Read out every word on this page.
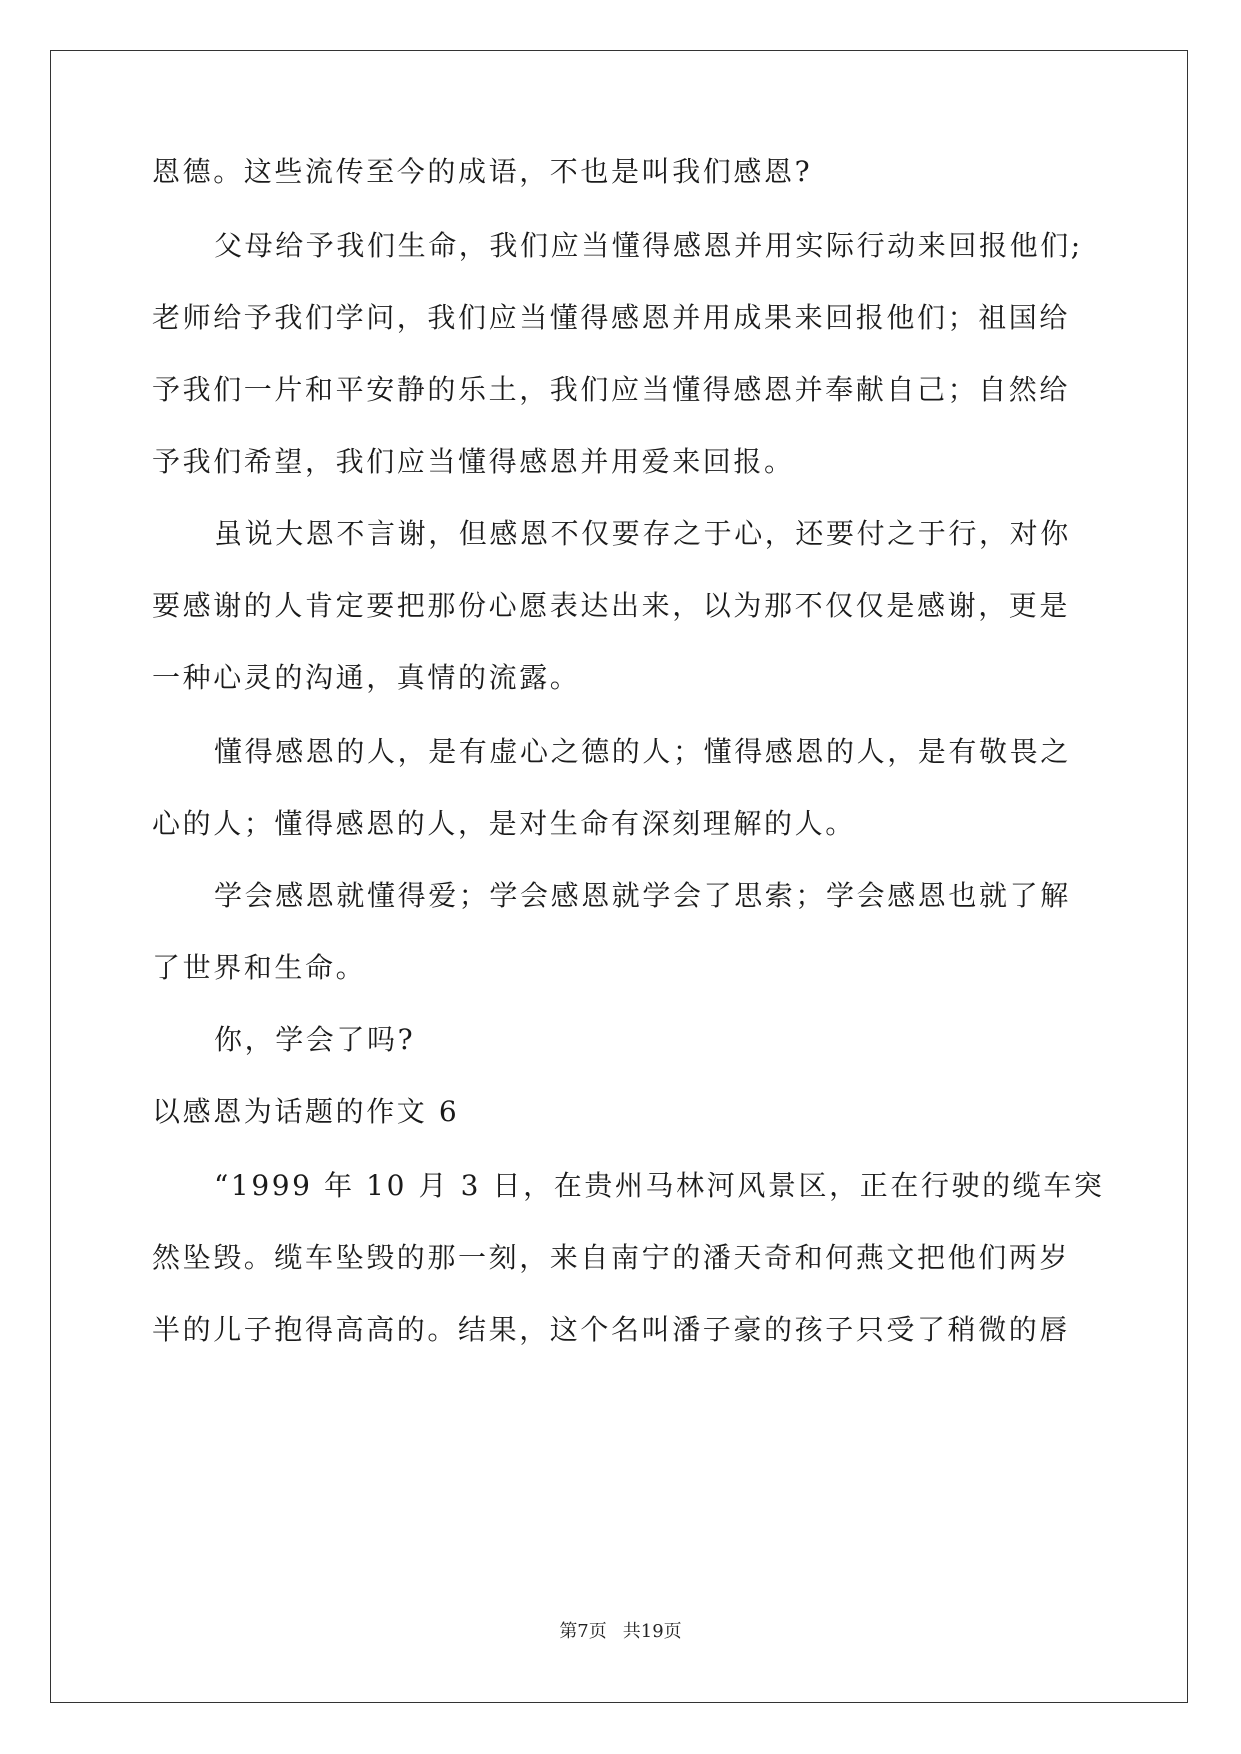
恩德。这些流传至今的成语，不也是叫我们感恩?
父母给予我们生命，我们应当懂得感恩并用实际行动来回报他们;
老师给予我们学问，我们应当懂得感恩并用成果来回报他们；祖国给
予我们一片和平安静的乐土，我们应当懂得感恩并奉献自己；自然给
予我们希望，我们应当懂得感恩并用爱来回报。
虽说大恩不言谢，但感恩不仅要存之于心，还要付之于行，对你
要感谢的人肯定要把那份心愿表达出来，以为那不仅仅是感谢，更是
一种心灵的沟通，真情的流露。
懂得感恩的人，是有虚心之德的人；懂得感恩的人，是有敬畏之
心的人；懂得感恩的人，是对生命有深刻理解的人。
学会感恩就懂得爱；学会感恩就学会了思索；学会感恩也就了解
了世界和生命。
你，学会了吗?
以感恩为话题的作文 6
“1999 年 10 月 3 日，在贵州马林河风景区，正在行驶的缆车突
然坠毁。缆车坠毁的那一刻，来自南宁的潘天奇和何燕文把他们两岁
半的儿子抱得高高的。结果，这个名叫潘子豪的孩子只受了稍微的唇
第7页 共19页
